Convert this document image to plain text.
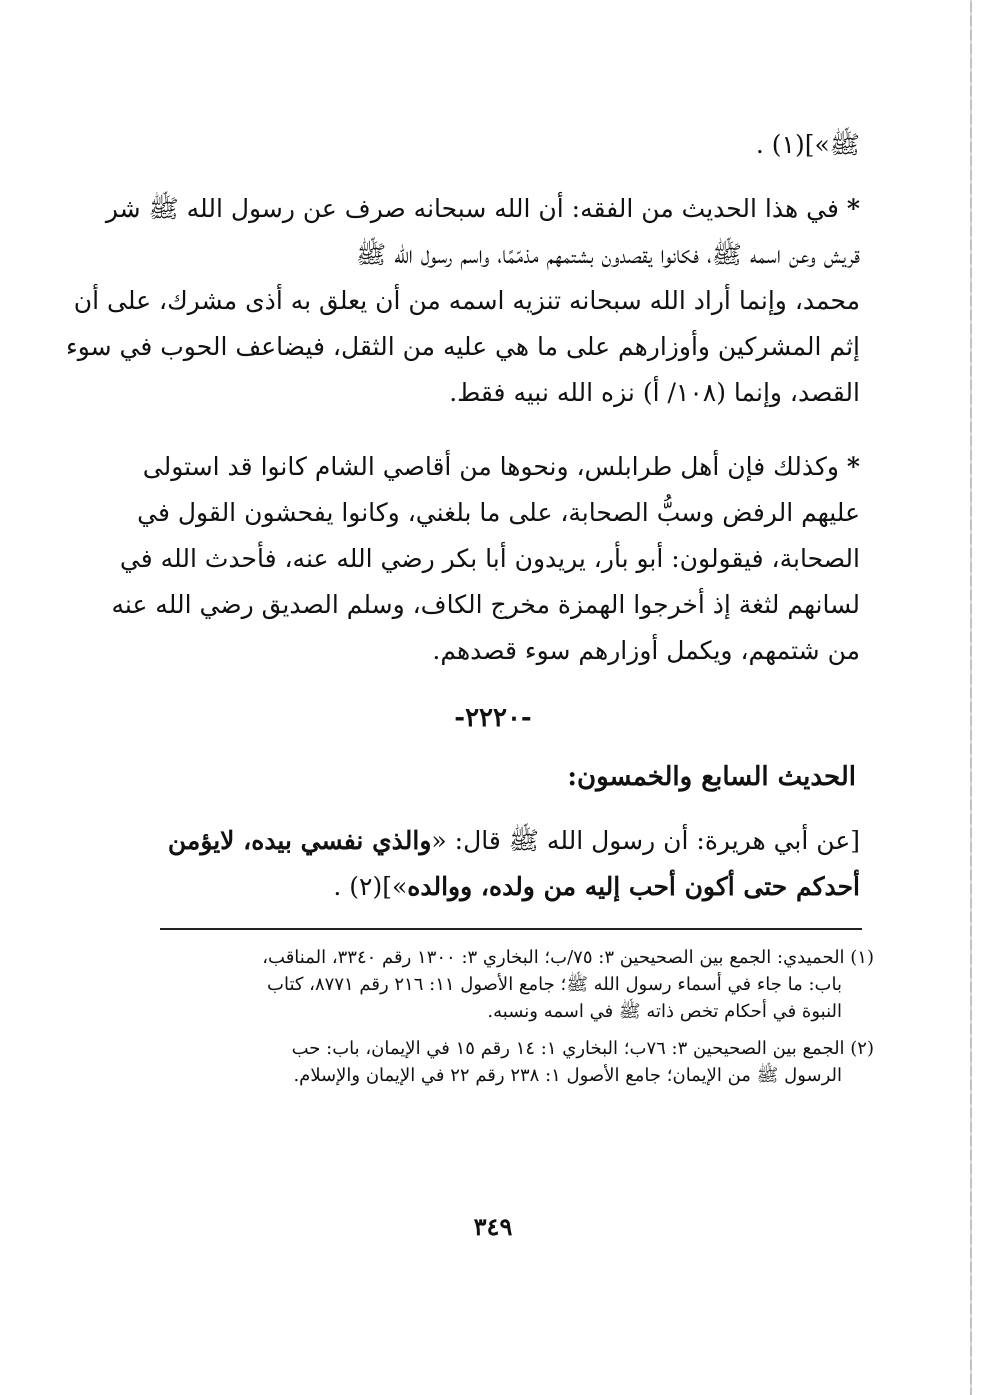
ﷺ»](١) .
*في هذا الحديث من الفقه: أن الله سبحانه صرف عن رسول الله ﷺ شر
قريش وعن اسمه ﷺ، فكانوا يقصدون بشتمهم مذمّمًا، واسم رسول الله ﷺ
محمد، وإنما أراد الله سبحانه تنزيه اسمه من أن يعلق به أذى مشرك، على أن
إثم المشركين وأوزارهم على ما هي عليه من الثقل، فيضاعف الحوب في سوء
القصد، وإنما (١٠٨/ أ) نزه الله نبيه فقط.
*وكذلك فإن أهل طرابلس، ونحوها من أقاصي الشام كانوا قد استولى
عليهم الرفض وسبُّ الصحابة، على ما بلغني، وكانوا يفحشون القول في
الصحابة، فيقولون: أبو بأر، يريدون أبا بكر رضي الله عنه، فأحدث الله في
لسانهم لثغة إذ أخرجوا الهمزة مخرج الكاف، وسلم الصديق رضي الله عنه
من شتمهم، ويكمل أوزارهم سوء قصدهم.
-٢٢٢٠-
الحديث السابع والخمسون:
[عن أبي هريرة: أن رسول الله ﷺ قال: «والذي نفسي بيده، لايؤمن
أحدكم حتى أكون أحب إليه من ولده، ووالده»](٢) .
(١) الحميدي: الجمع بين الصحيحين ٣: ٧٥/ب؛ البخاري ٣: ١٣٠٠ رقم ٣٣٤٠، المناقب،
باب: ما جاء في أسماء رسول الله ﷺ؛ جامع الأصول ١١: ٢١٦ رقم ٨٧٧١، كتاب
النبوة في أحكام تخص ذاته ﷺ في اسمه ونسبه.
(٢) الجمع بين الصحيحين ٣: ٧٦ب؛ البخاري ١: ١٤ رقم ١٥ في الإيمان، باب: حب
الرسول ﷺ من الإيمان؛ جامع الأصول ١: ٢٣٨ رقم ٢٢ في الإيمان والإسلام.
٣٤٩
